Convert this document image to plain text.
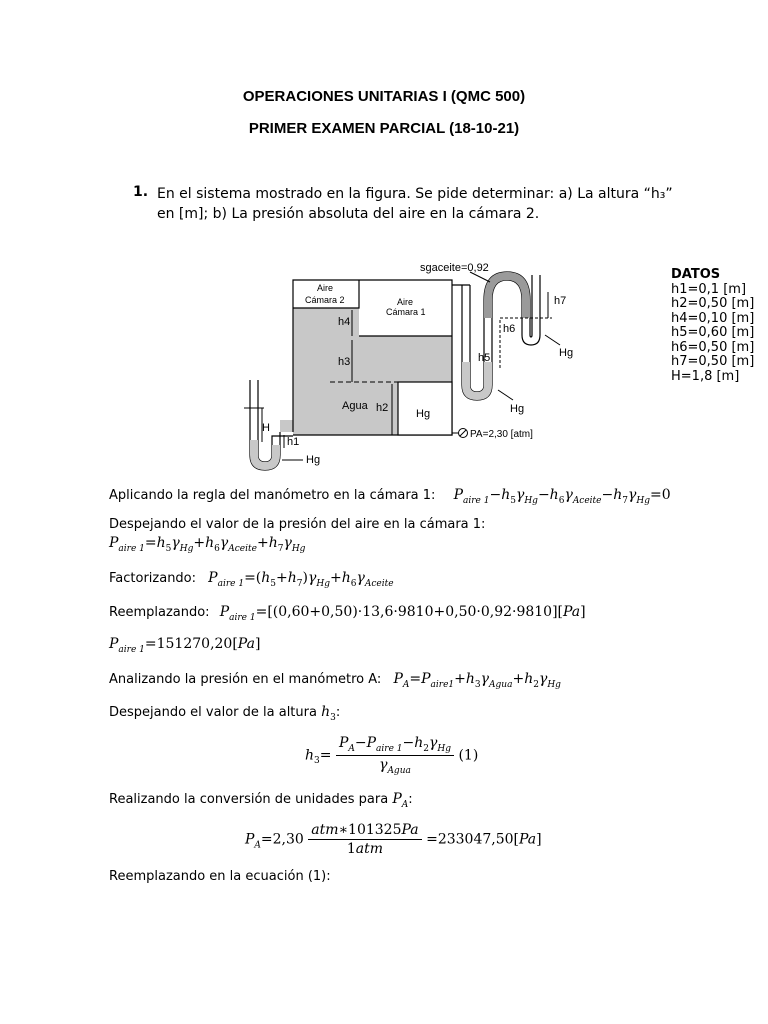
OPERACIONES UNITARIAS I (QMC 500)
PRIMER EXAMEN PARCIAL (18-10-21)
1. En el sistema mostrado en la figura. Se pide determinar: a) La altura “h₃” en [m]; b) La presión absoluta del aire en la cámara 2.
sgaceite=0,92
Aire
Cámara 2	Aire
Cámara 1
h4
h3
h2
Agua
Hg
H
h1
Hg
h5
h6
h7
Hg
Hg
PA=2,30 [atm]
DATOS
h1=0,1 [m]
h2=0,50 [m]
h4=0,10 [m]
h5=0,60 [m]
h6=0,50 [m]
h7=0,50 [m]
H=1,8 [m]
Aplicando la regla del manómetro en la cámara 1: $P_{aire 1}-h_5\gamma_{Hg}-h_6\gamma_{Aceite}-h_7\gamma_{Hg}=0$
Despejando el valor de la presión del aire en la cámara 1:
$P_{aire 1}=h_5\gamma_{Hg}+h_6\gamma_{Aceite}+h_7\gamma_{Hg}$
Factorizando: $P_{aire 1}=(h_5+h_7)\gamma_{Hg}+h_6\gamma_{Aceite}$
Reemplazando: $P_{aire 1}=[(0,60+0,50)\cdot 13,6\cdot 9810+0,50\cdot 0,92\cdot 9810][Pa]$
$P_{aire 1}=151270,20[Pa]$
Analizando la presión en el manómetro A: $P_A=P_{aire1}+h_3\gamma_{Agua}+h_2\gamma_{Hg}$
Despejando el valor de la altura $h_3$:
$h_3= \frac{P_A-P_{aire 1}-h_2\gamma_{Hg}}{\gamma_{Agua}} (1)$
Realizando la conversión de unidades para $P_A$:
$P_A=2,30 \frac{\text{atm∗101325Pa}}{\text{1atm}} =233047,50[Pa]$
Reemplazando en la ecuación (1):
